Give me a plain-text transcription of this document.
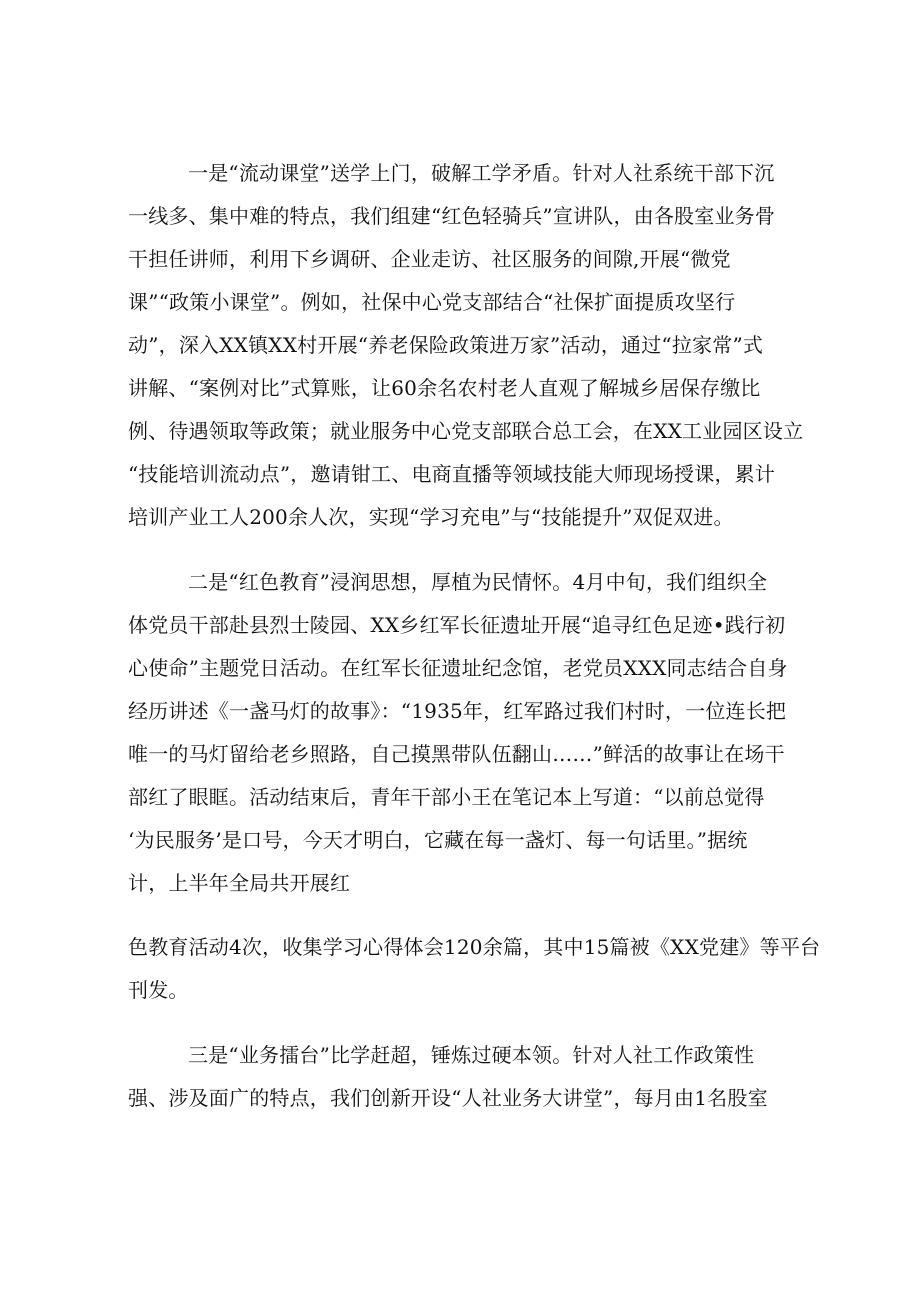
一是“流动课堂”送学上门，破解工学矛盾。针对人社系统干部下沉
一线多、集中难的特点，我们组建“红色轻骑兵”宣讲队，由各股室业务骨
干担任讲师，利用下乡调研、企业走访、社区服务的间隙,开展“微党
课”“政策小课堂”。例如，社保中心党支部结合“社保扩面提质攻坚行
动”，深入XX镇XX村开展“养老保险政策进万家”活动，通过“拉家常”式
讲解、“案例对比”式算账，让60余名农村老人直观了解城乡居保存缴比
例、待遇领取等政策；就业服务中心党支部联合总工会，在XX工业园区设立
“技能培训流动点”，邀请钳工、电商直播等领域技能大师现场授课，累计
培训产业工人200余人次，实现“学习充电”与“技能提升”双促双进。
二是“红色教育”浸润思想，厚植为民情怀。4月中旬，我们组织全
体党员干部赴县烈士陵园、XX乡红军长征遗址开展“追寻红色足迹•践行初
心使命”主题党日活动。在红军长征遗址纪念馆，老党员XXX同志结合自身
经历讲述《一盏马灯的故事》：“1935年，红军路过我们村时，一位连长把
唯一的马灯留给老乡照路，自己摸黑带队伍翻山……”鲜活的故事让在场干
部红了眼眶。活动结束后，青年干部小王在笔记本上写道：“以前总觉得
‘为民服务’是口号，今天才明白，它藏在每一盏灯、每一句话里。”据统
计，上半年全局共开展红
色教育活动4次，收集学习心得体会120余篇，其中15篇被《XX党建》等平台
刊发。
三是“业务擂台”比学赶超，锤炼过硬本领。针对人社工作政策性
强、涉及面广的特点，我们创新开设“人社业务大讲堂”，每月由1名股室
